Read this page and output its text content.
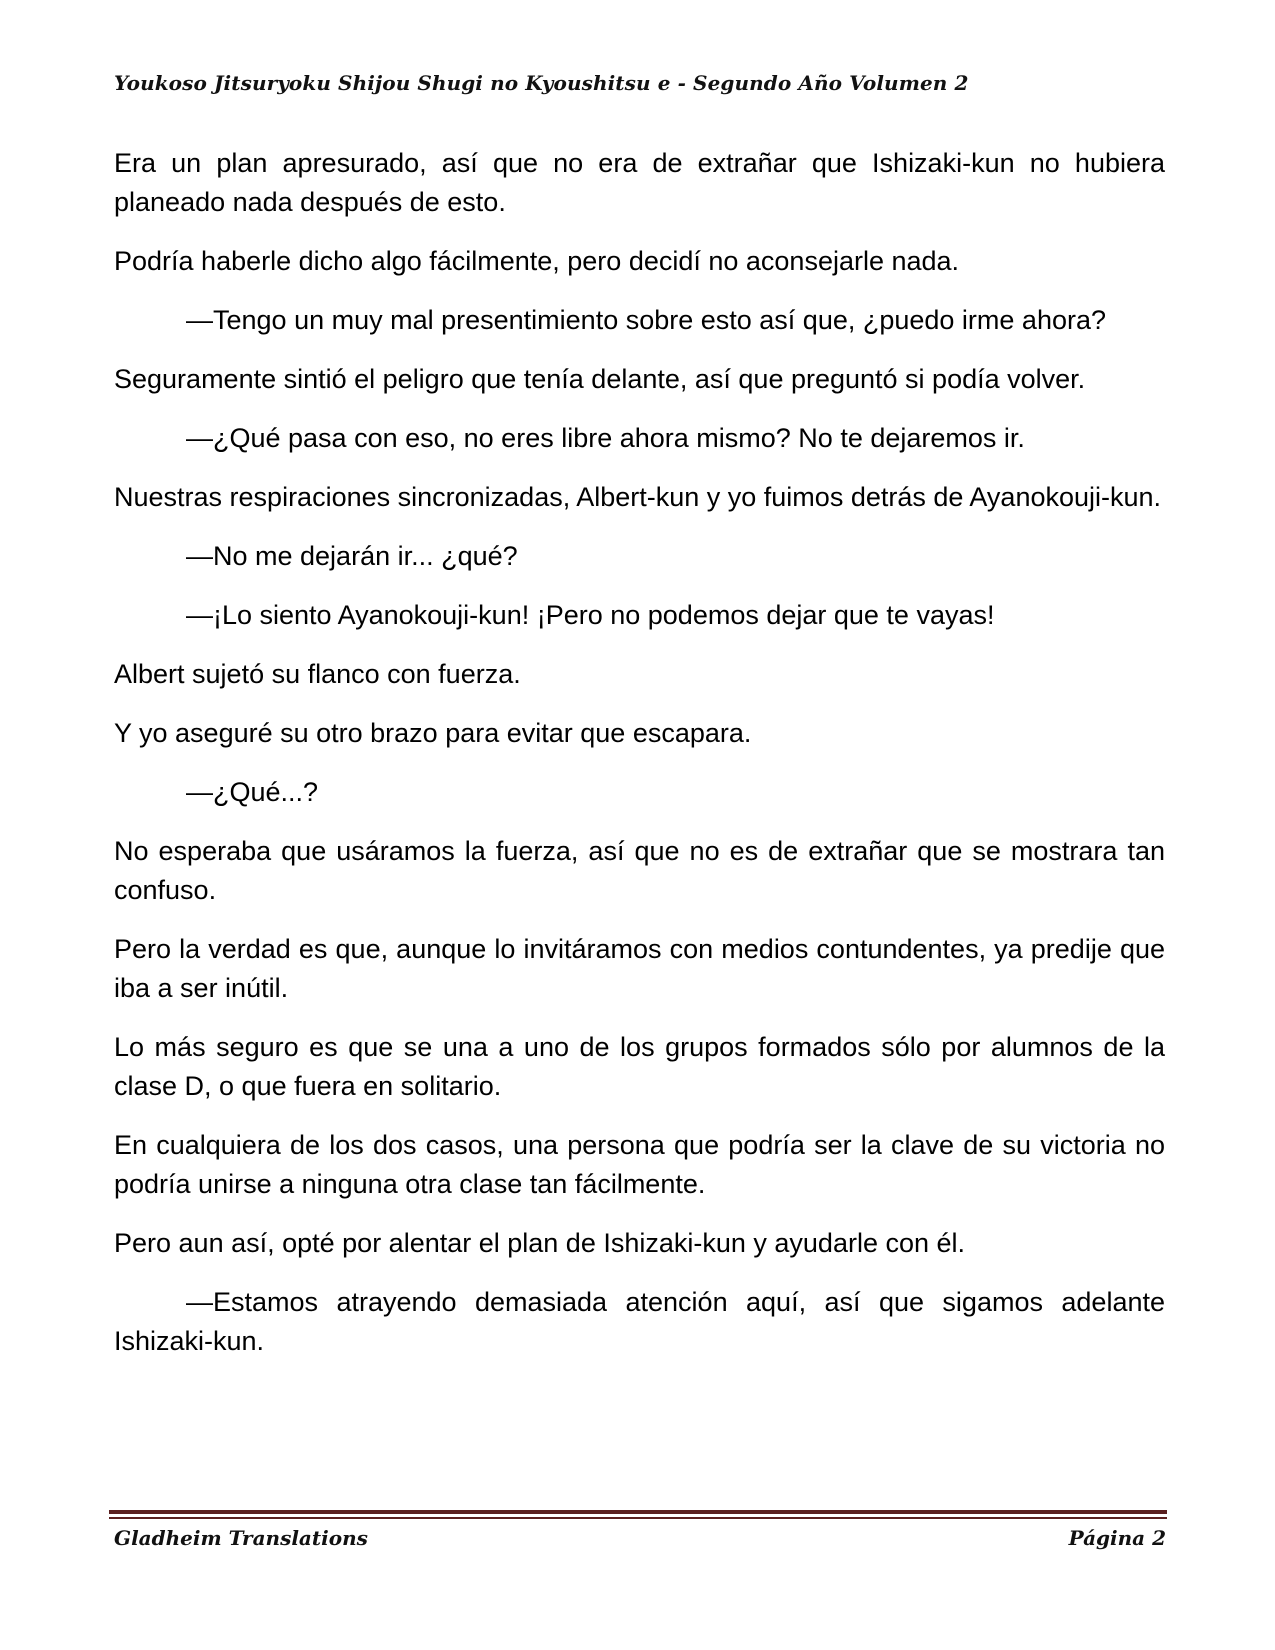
Youkoso Jitsuryoku Shijou Shugi no Kyoushitsu e - Segundo Año Volumen 2

Era un plan apresurado, así que no era de extrañar que Ishizaki-kun no hubiera planeado nada después de esto.

Podría haberle dicho algo fácilmente, pero decidí no aconsejarle nada.

—Tengo un muy mal presentimiento sobre esto así que, ¿puedo irme ahora?

Seguramente sintió el peligro que tenía delante, así que preguntó si podía volver.

—¿Qué pasa con eso, no eres libre ahora mismo? No te dejaremos ir.

Nuestras respiraciones sincronizadas, Albert-kun y yo fuimos detrás de Ayanokouji-kun.

—No me dejarán ir... ¿qué?

—¡Lo siento Ayanokouji-kun! ¡Pero no podemos dejar que te vayas!

Albert sujetó su flanco con fuerza.

Y yo aseguré su otro brazo para evitar que escapara.

—¿Qué...?

No esperaba que usáramos la fuerza, así que no es de extrañar que se mostrara tan confuso.

Pero la verdad es que, aunque lo invitáramos con medios contundentes, ya predije que iba a ser inútil.

Lo más seguro es que se una a uno de los grupos formados sólo por alumnos de la clase D, o que fuera en solitario.

En cualquiera de los dos casos, una persona que podría ser la clave de su victoria no podría unirse a ninguna otra clase tan fácilmente.

Pero aun así, opté por alentar el plan de Ishizaki-kun y ayudarle con él.

—Estamos atrayendo demasiada atención aquí, así que sigamos adelante Ishizaki-kun.

Gladheim Translations	Página 2
